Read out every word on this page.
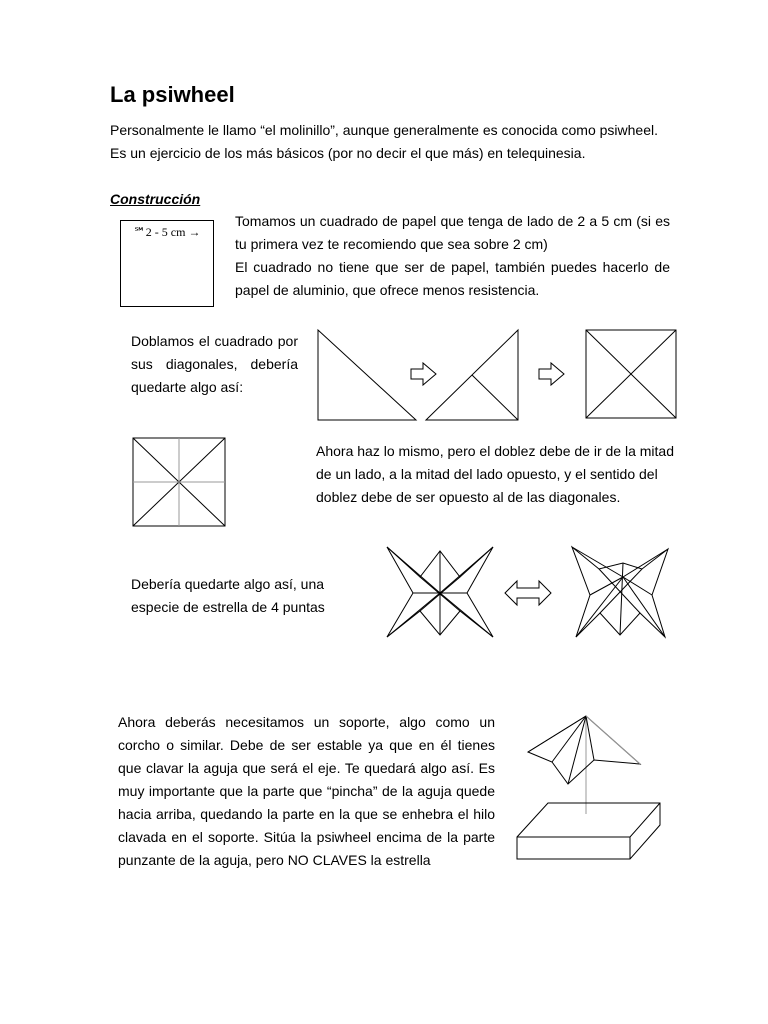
La psiwheel
Personalmente le llamo “el molinillo”, aunque generalmente es conocida como psiwheel. Es un ejercicio de los más básicos (por no decir el que más) en telequinesia.
Construcción
℠2 - 5 cm →
Tomamos un cuadrado de papel que tenga de lado de 2 a 5 cm (si es tu primera vez te recomiendo que sea sobre 2 cm)
El cuadrado no tiene que ser de papel, también puedes hacerlo de papel de aluminio, que ofrece menos resistencia.
Doblamos el cuadrado por sus diagonales, debería quedarte algo así:
Ahora haz lo mismo, pero el doblez debe de ir de la mitad de un lado, a la mitad del lado opuesto, y el sentido del doblez debe de ser opuesto al de las diagonales.
Debería quedarte algo así, una especie de estrella de 4 puntas
Ahora deberás necesitamos un soporte, algo como un corcho o similar. Debe de ser estable ya que en él tienes que clavar la aguja que será el eje. Te quedará algo así. Es muy importante que la parte que “pincha” de la aguja quede hacia arriba, quedando la parte en la que se enhebra el hilo clavada en el soporte. Sitúa la psiwheel encima de la parte punzante de la aguja, pero NO CLAVES la estrella
